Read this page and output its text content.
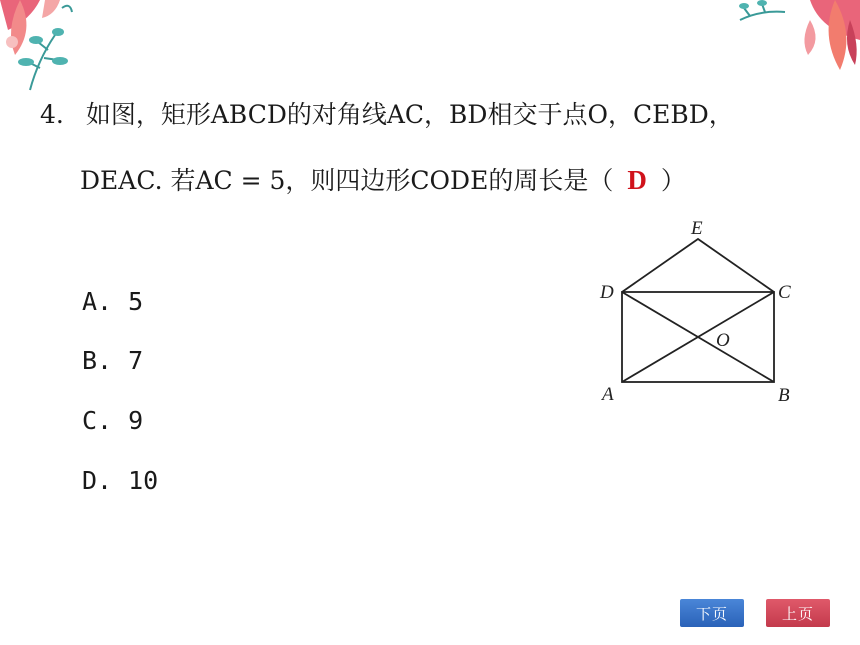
4. 如图，矩形ABCD的对角线AC，BD相交于点O，CEBD，
DEAC. 若AC = 5，则四边形CODE的周长是（ D ）
A. 5
B. 7
C. 9
D. 10
E
D	C
O
A	B
下页	上页
